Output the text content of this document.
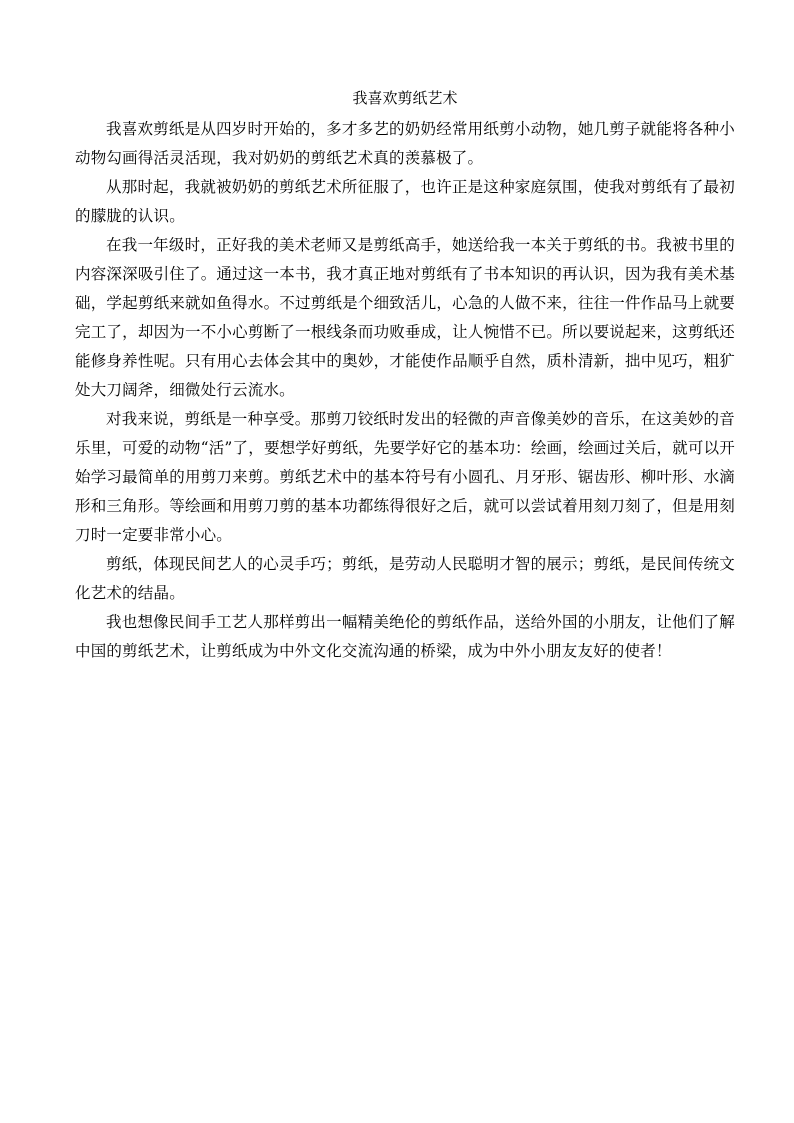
我喜欢剪纸艺术

我喜欢剪纸是从四岁时开始的，多才多艺的奶奶经常用纸剪小动物，她几剪子就能将各种小动物勾画得活灵活现，我对奶奶的剪纸艺术真的羡慕极了。

从那时起，我就被奶奶的剪纸艺术所征服了，也许正是这种家庭氛围，使我对剪纸有了最初的朦胧的认识。

在我一年级时，正好我的美术老师又是剪纸高手，她送给我一本关于剪纸的书。我被书里的内容深深吸引住了。通过这一本书，我才真正地对剪纸有了书本知识的再认识，因为我有美术基础，学起剪纸来就如鱼得水。不过剪纸是个细致活儿，心急的人做不来，往往一件作品马上就要完工了，却因为一不小心剪断了一根线条而功败垂成，让人惋惜不已。所以要说起来，这剪纸还能修身养性呢。只有用心去体会其中的奥妙，才能使作品顺乎自然，质朴清新，拙中见巧，粗犷处大刀阔斧，细微处行云流水。

对我来说，剪纸是一种享受。那剪刀铰纸时发出的轻微的声音像美妙的音乐，在这美妙的音乐里，可爱的动物“活”了，要想学好剪纸，先要学好它的基本功：绘画，绘画过关后，就可以开始学习最简单的用剪刀来剪。剪纸艺术中的基本符号有小圆孔、月牙形、锯齿形、柳叶形、水滴形和三角形。等绘画和用剪刀剪的基本功都练得很好之后，就可以尝试着用刻刀刻了，但是用刻刀时一定要非常小心。

剪纸，体现民间艺人的心灵手巧；剪纸，是劳动人民聪明才智的展示；剪纸，是民间传统文化艺术的结晶。

我也想像民间手工艺人那样剪出一幅精美绝伦的剪纸作品，送给外国的小朋友，让他们了解中国的剪纸艺术，让剪纸成为中外文化交流沟通的桥梁，成为中外小朋友友好的使者！
